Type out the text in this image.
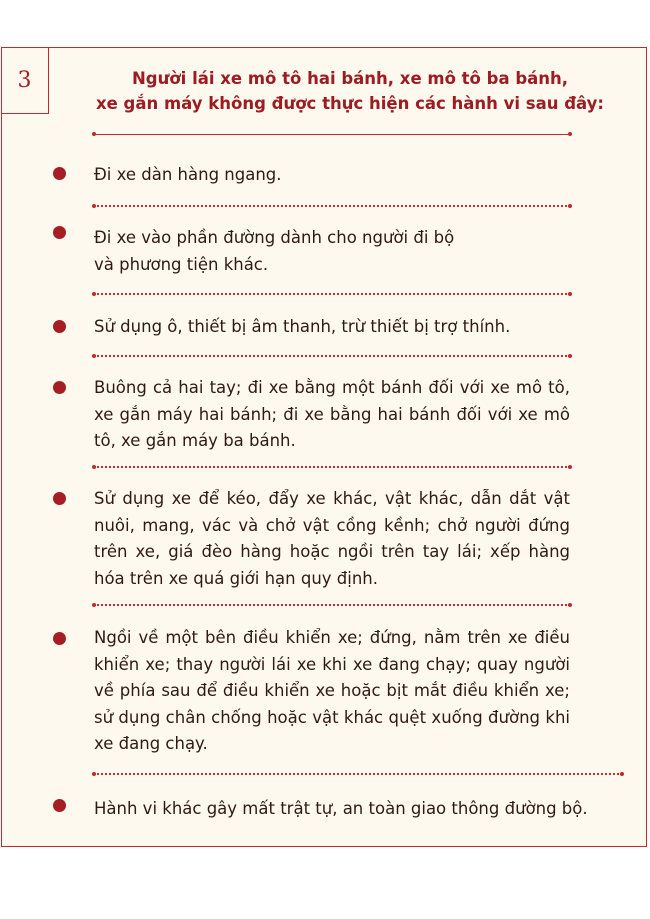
3	Người lái xe mô tô hai bánh, xe mô tô ba bánh,
xe gắn máy không được thực hiện các hành vi sau đây:
Đi xe dàn hàng ngang.
Đi xe vào phần đường dành cho người đi bộ
và phương tiện khác.
Sử dụng ô, thiết bị âm thanh, trừ thiết bị trợ thính.
Buông cả hai tay; đi xe bằng một bánh đối với xe mô tô, xe gắn máy hai bánh; đi xe bằng hai bánh đối với xe mô tô, xe gắn máy ba bánh.
Sử dụng xe để kéo, đẩy xe khác, vật khác, dẫn dắt vật nuôi, mang, vác và chở vật cồng kềnh; chở người đứng trên xe, giá đèo hàng hoặc ngồi trên tay lái; xếp hàng hóa trên xe quá giới hạn quy định.
Ngồi về một bên điều khiển xe; đứng, nằm trên xe điều khiển xe; thay người lái xe khi xe đang chạy; quay người về phía sau để điều khiển xe hoặc bịt mắt điều khiển xe; sử dụng chân chống hoặc vật khác quệt xuống đường khi xe đang chạy.
Hành vi khác gây mất trật tự, an toàn giao thông đường bộ.
